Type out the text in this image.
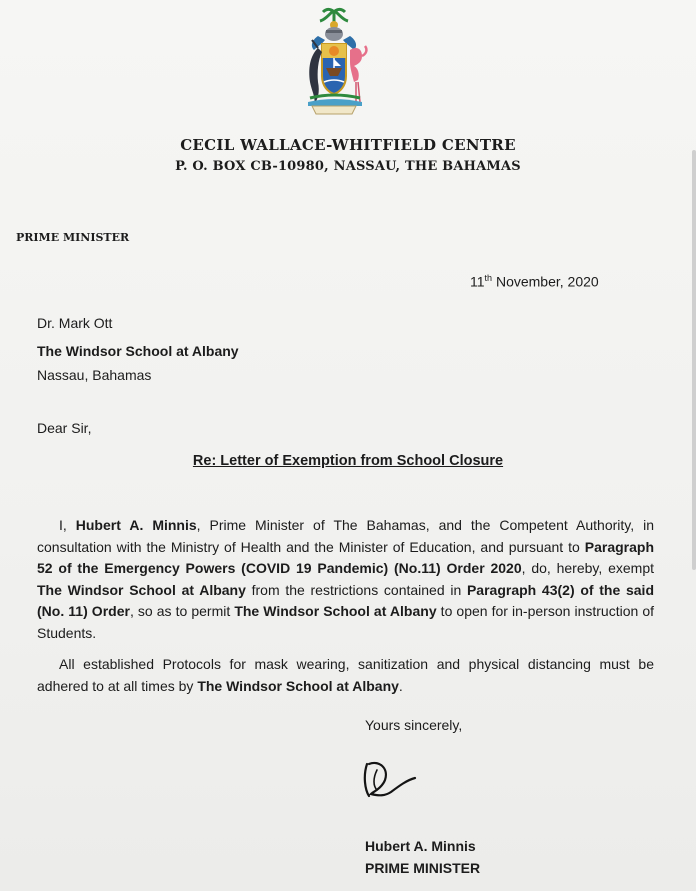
CECIL WALLACE-WHITFIELD CENTRE
P. O. BOX CB-10980, NASSAU, THE BAHAMAS
PRIME MINISTER
11th November, 2020
Dr. Mark Ott
The Windsor School at Albany
Nassau, Bahamas
Dear Sir,
Re: Letter of Exemption from School Closure
I, Hubert A. Minnis, Prime Minister of The Bahamas, and the Competent Authority, in consultation with the Ministry of Health and the Minister of Education, and pursuant to Paragraph 52 of the Emergency Powers (COVID 19 Pandemic) (No.11) Order 2020, do, hereby, exempt The Windsor School at Albany from the restrictions contained in Paragraph 43(2) of the said (No. 11) Order, so as to permit The Windsor School at Albany to open for in-person instruction of Students.
All established Protocols for mask wearing, sanitization and physical distancing must be adhered to at all times by The Windsor School at Albany.
Yours sincerely,
Hubert A. Minnis
PRIME MINISTER
